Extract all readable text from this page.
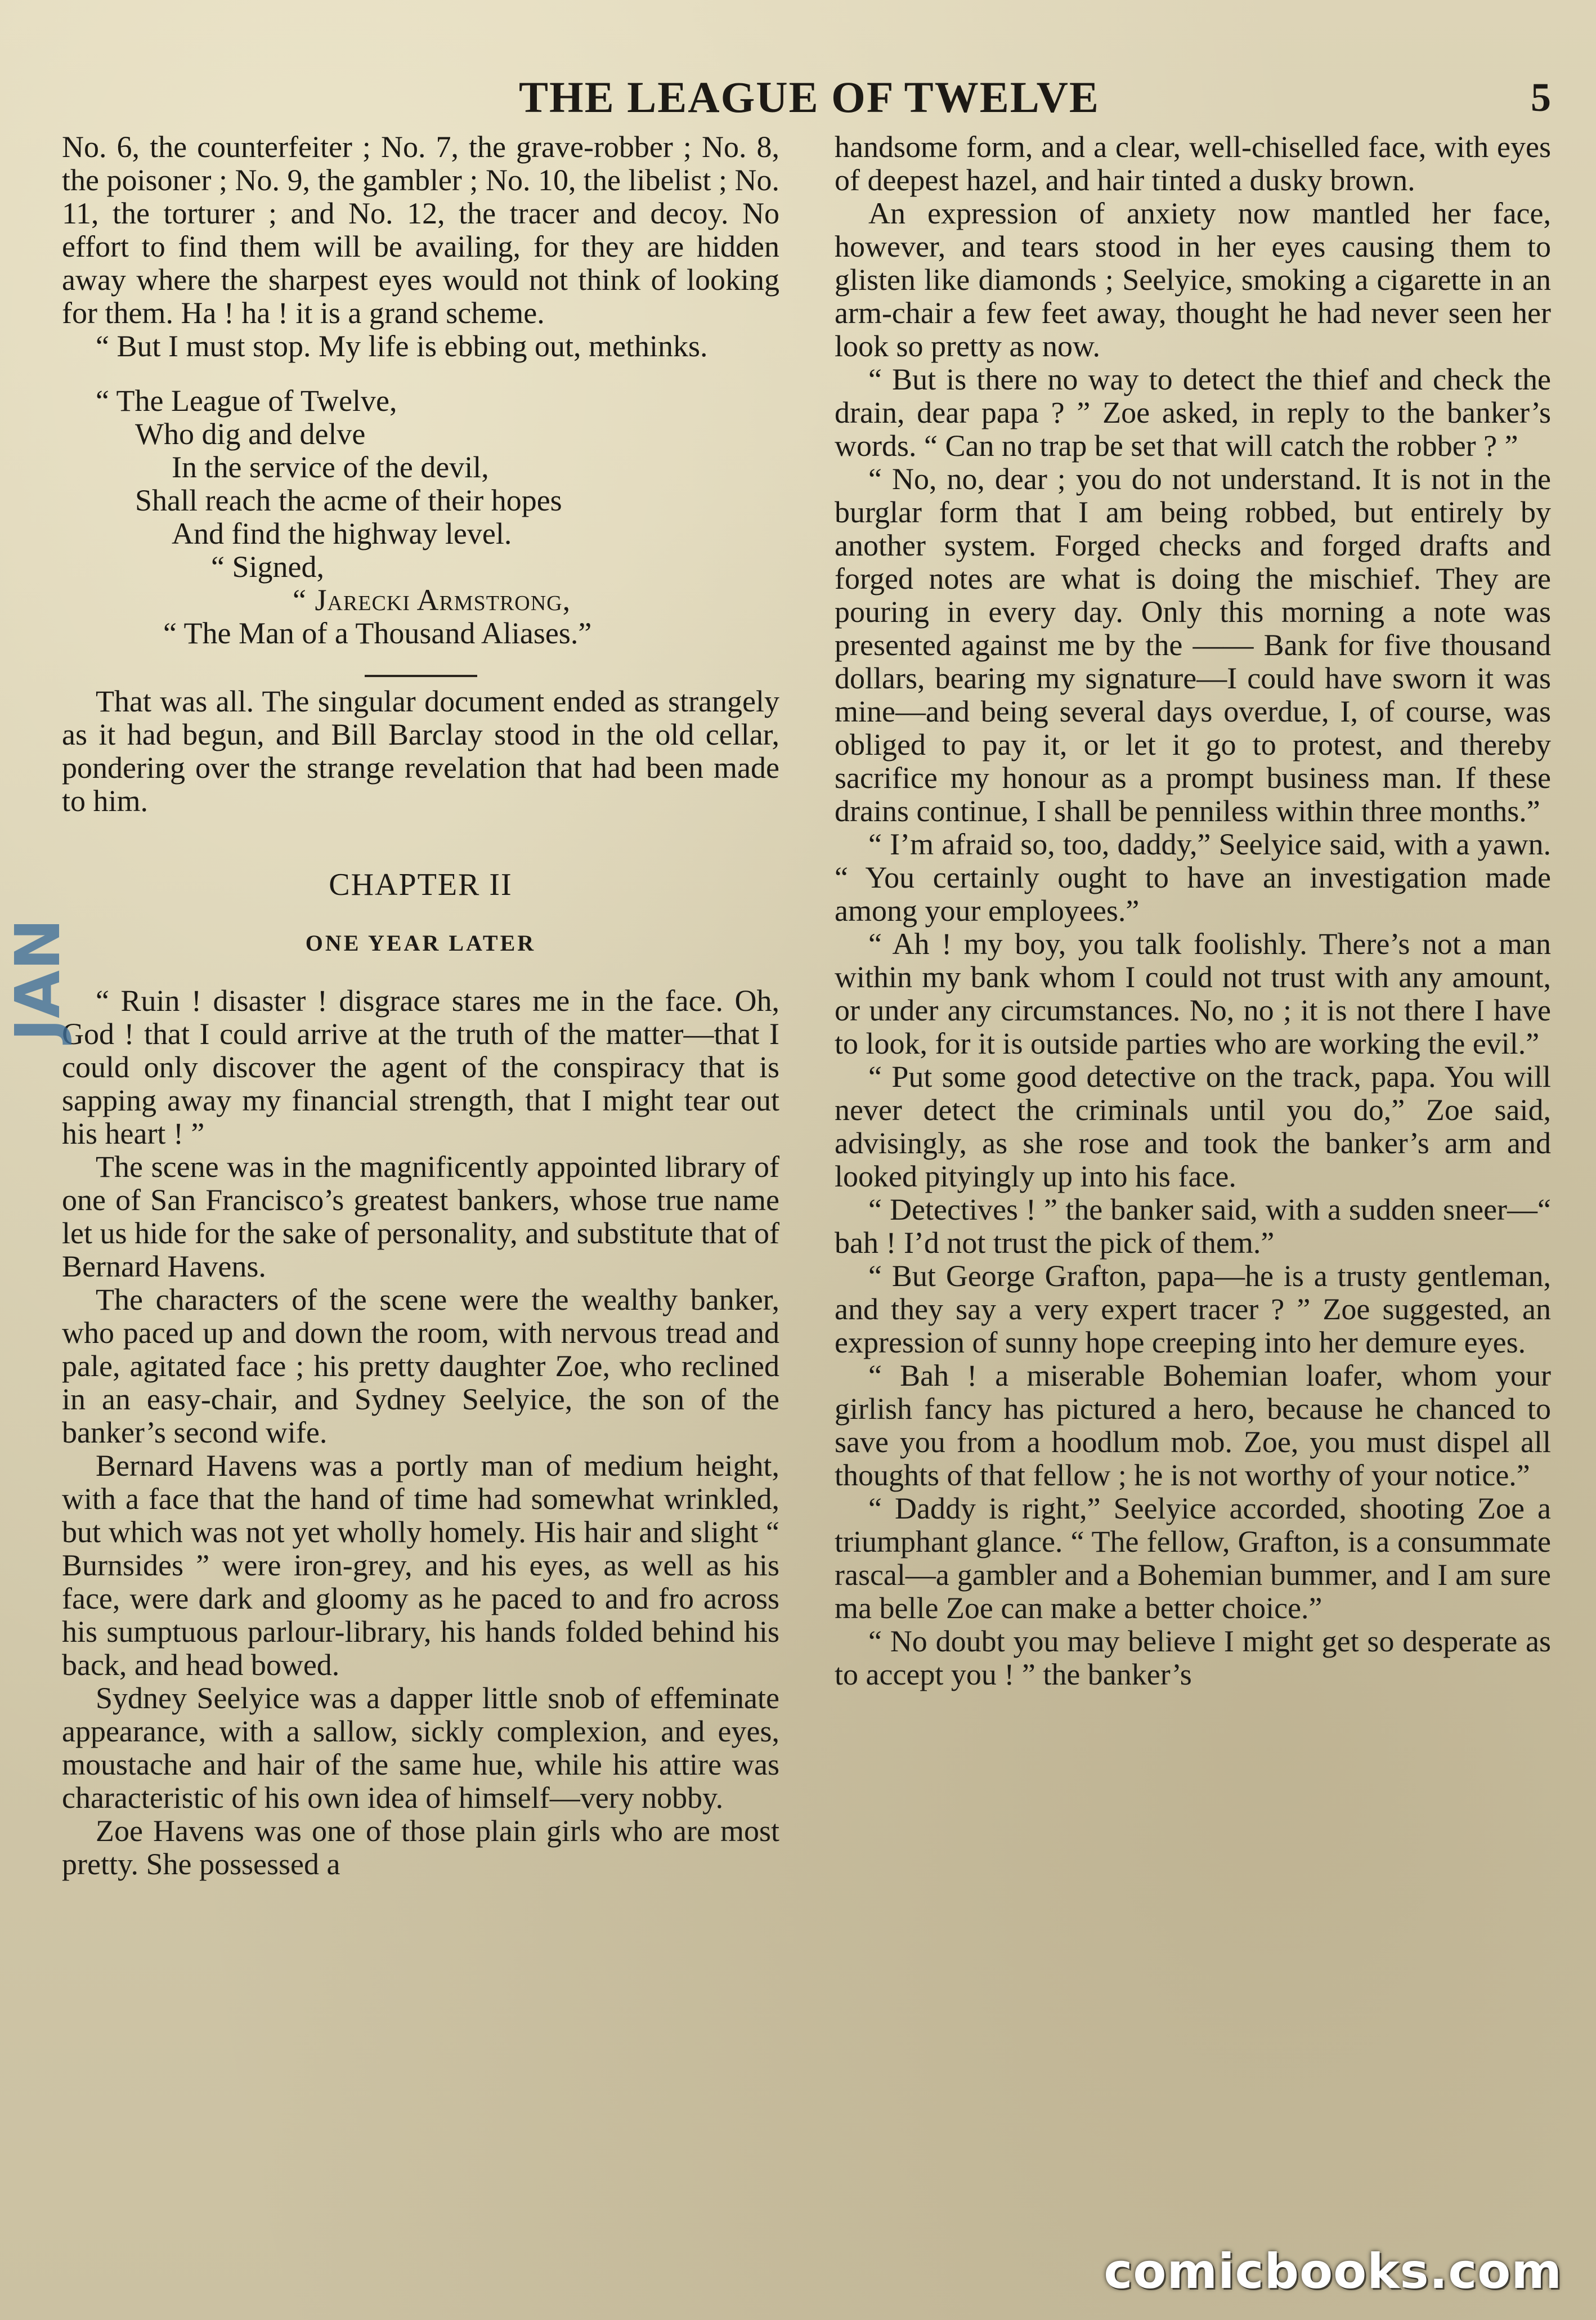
THE LEAGUE OF TWELVE	5

No. 6, the counterfeiter ; No. 7, the grave-robber ; No. 8, the poisoner ; No. 9, the gambler ; No. 10, the libelist ; No. 11, the torturer ; and No. 12, the tracer and decoy. No effort to find them will be availing, for they are hidden away where the sharpest eyes would not think of looking for them. Ha ! ha ! it is a grand scheme.

“ But I must stop. My life is ebbing out, methinks.

“ The League of Twelve,
Who dig and delve
In the service of the devil,
Shall reach the acme of their hopes
And find the highway level.
“ Signed,
“ Jarecki Armstrong,
“ The Man of a Thousand Aliases.”

That was all. The singular document ended as strangely as it had begun, and Bill Barclay stood in the old cellar, pondering over the strange revelation that had been made to him.

CHAPTER II
ONE YEAR LATER

“ Ruin ! disaster ! disgrace stares me in the face. Oh, God ! that I could arrive at the truth of the matter—that I could only discover the agent of the conspiracy that is sapping away my financial strength, that I might tear out his heart ! ”

The scene was in the magnificently appointed library of one of San Francisco’s greatest bankers, whose true name let us hide for the sake of personality, and substitute that of Bernard Havens.

The characters of the scene were the wealthy banker, who paced up and down the room, with nervous tread and pale, agitated face ; his pretty daughter Zoe, who reclined in an easy-chair, and Sydney Seelyice, the son of the banker’s second wife.

Bernard Havens was a portly man of medium height, with a face that the hand of time had somewhat wrinkled, but which was not yet wholly homely. His hair and slight “ Burnsides ” were iron-grey, and his eyes, as well as his face, were dark and gloomy as he paced to and fro across his sumptuous parlour-library, his hands folded behind his back, and head bowed.

Sydney Seelyice was a dapper little snob of effeminate appearance, with a sallow, sickly complexion, and eyes, moustache and hair of the same hue, while his attire was characteristic of his own idea of himself—very nobby.

Zoe Havens was one of those plain girls who are most pretty. She possessed a

handsome form, and a clear, well-chiselled face, with eyes of deepest hazel, and hair tinted a dusky brown.

An expression of anxiety now mantled her face, however, and tears stood in her eyes causing them to glisten like diamonds ; Seelyice, smoking a cigarette in an arm-chair a few feet away, thought he had never seen her look so pretty as now.

“ But is there no way to detect the thief and check the drain, dear papa ? ” Zoe asked, in reply to the banker’s words. “ Can no trap be set that will catch the robber ? ”

“ No, no, dear ; you do not understand. It is not in the burglar form that I am being robbed, but entirely by another system. Forged checks and forged drafts and forged notes are what is doing the mischief. They are pouring in every day. Only this morning a note was presented against me by the —— Bank for five thousand dollars, bearing my signature—I could have sworn it was mine—and being several days overdue, I, of course, was obliged to pay it, or let it go to protest, and thereby sacrifice my honour as a prompt business man. If these drains continue, I shall be penniless within three months.”

“ I’m afraid so, too, daddy,” Seelyice said, with a yawn. “ You certainly ought to have an investigation made among your employees.”

“ Ah ! my boy, you talk foolishly. There’s not a man within my bank whom I could not trust with any amount, or under any circumstances. No, no ; it is not there I have to look, for it is outside parties who are working the evil.”

“ Put some good detective on the track, papa. You will never detect the criminals until you do,” Zoe said, advisingly, as she rose and took the banker’s arm and looked pityingly up into his face.

“ Detectives ! ” the banker said, with a sudden sneer—“ bah ! I’d not trust the pick of them.”

“ But George Grafton, papa—he is a trusty gentleman, and they say a very expert tracer ? ” Zoe suggested, an expression of sunny hope creeping into her demure eyes.

“ Bah ! a miserable Bohemian loafer, whom your girlish fancy has pictured a hero, because he chanced to save you from a hoodlum mob. Zoe, you must dispel all thoughts of that fellow ; he is not worthy of your notice.”

“ Daddy is right,” Seelyice accorded, shooting Zoe a triumphant glance. “ The fellow, Grafton, is a consummate rascal—a gambler and a Bohemian bummer, and I am sure ma belle Zoe can make a better choice.”

“ No doubt you may believe I might get so desperate as to accept you ! ” the banker’s

JAN
comicbooks.com
